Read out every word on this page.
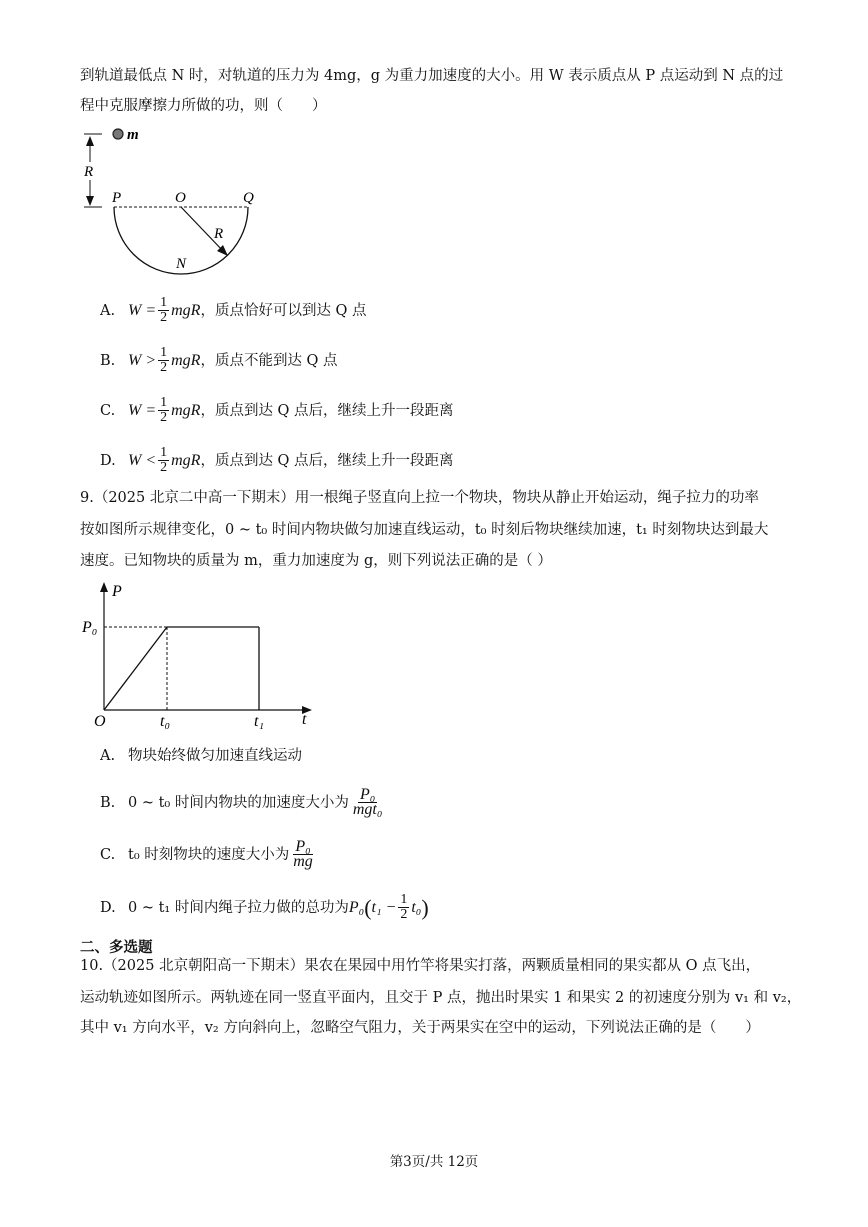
到轨道最低点 N 时，对轨道的压力为 4mg，g 为重力加速度的大小。用 W 表示质点从 P 点运动到 N 点的过
程中克服摩擦力所做的功，则（　　）
m
R
P	O	Q
R
N
A. $W = \frac{1}{2}$ mgR ，质点恰好可以到达 Q 点
B. $W > \frac{1}{2}$ mgR ，质点不能到达 Q 点
C. $W = \frac{1}{2}$ mgR ，质点到达 Q 点后，继续上升一段距离
D. $W < \frac{1}{2}$ mgR ，质点到达 Q 点后，继续上升一段距离
9.（2025 北京二中高一下期末）用一根绳子竖直向上拉一个物块，物块从静止开始运动，绳子拉力的功率
按如图所示规律变化，0 ~ t₀ 时间内物块做匀加速直线运动，t₀ 时刻后物块继续加速，t₁ 时刻物块达到最大
速度。已知物块的质量为 m，重力加速度为 g，则下列说法正确的是（ ）
P
P₀
O	t₀	t₁ t
A. 物块始终做匀加速直线运动
B. 0 ~ t₀ 时间内物块的加速度大小为 $\frac{\text{P₀}}{\text{mgt₀}}$
C. t₀ 时刻物块的速度大小为 $\frac{\text{P₀}}{mg}$
D. 0 ~ t₁ 时间内绳子拉力做的总功为 P₀ ( $t_1 - \frac{1}{2} t_0$ )
二、多选题
10.（2025 北京朝阳高一下期末）果农在果园中用竹竿将果实打落，两颗质量相同的果实都从 O 点飞出，
运动轨迹如图所示。两轨迹在同一竖直平面内，且交于 P 点，抛出时果实 1 和果实 2 的初速度分别为 v₁ 和 v₂，
其中 v₁ 方向水平，v₂ 方向斜向上，忽略空气阻力，关于两果实在空中的运动，下列说法正确的是（　　）
第3页/共 12页
